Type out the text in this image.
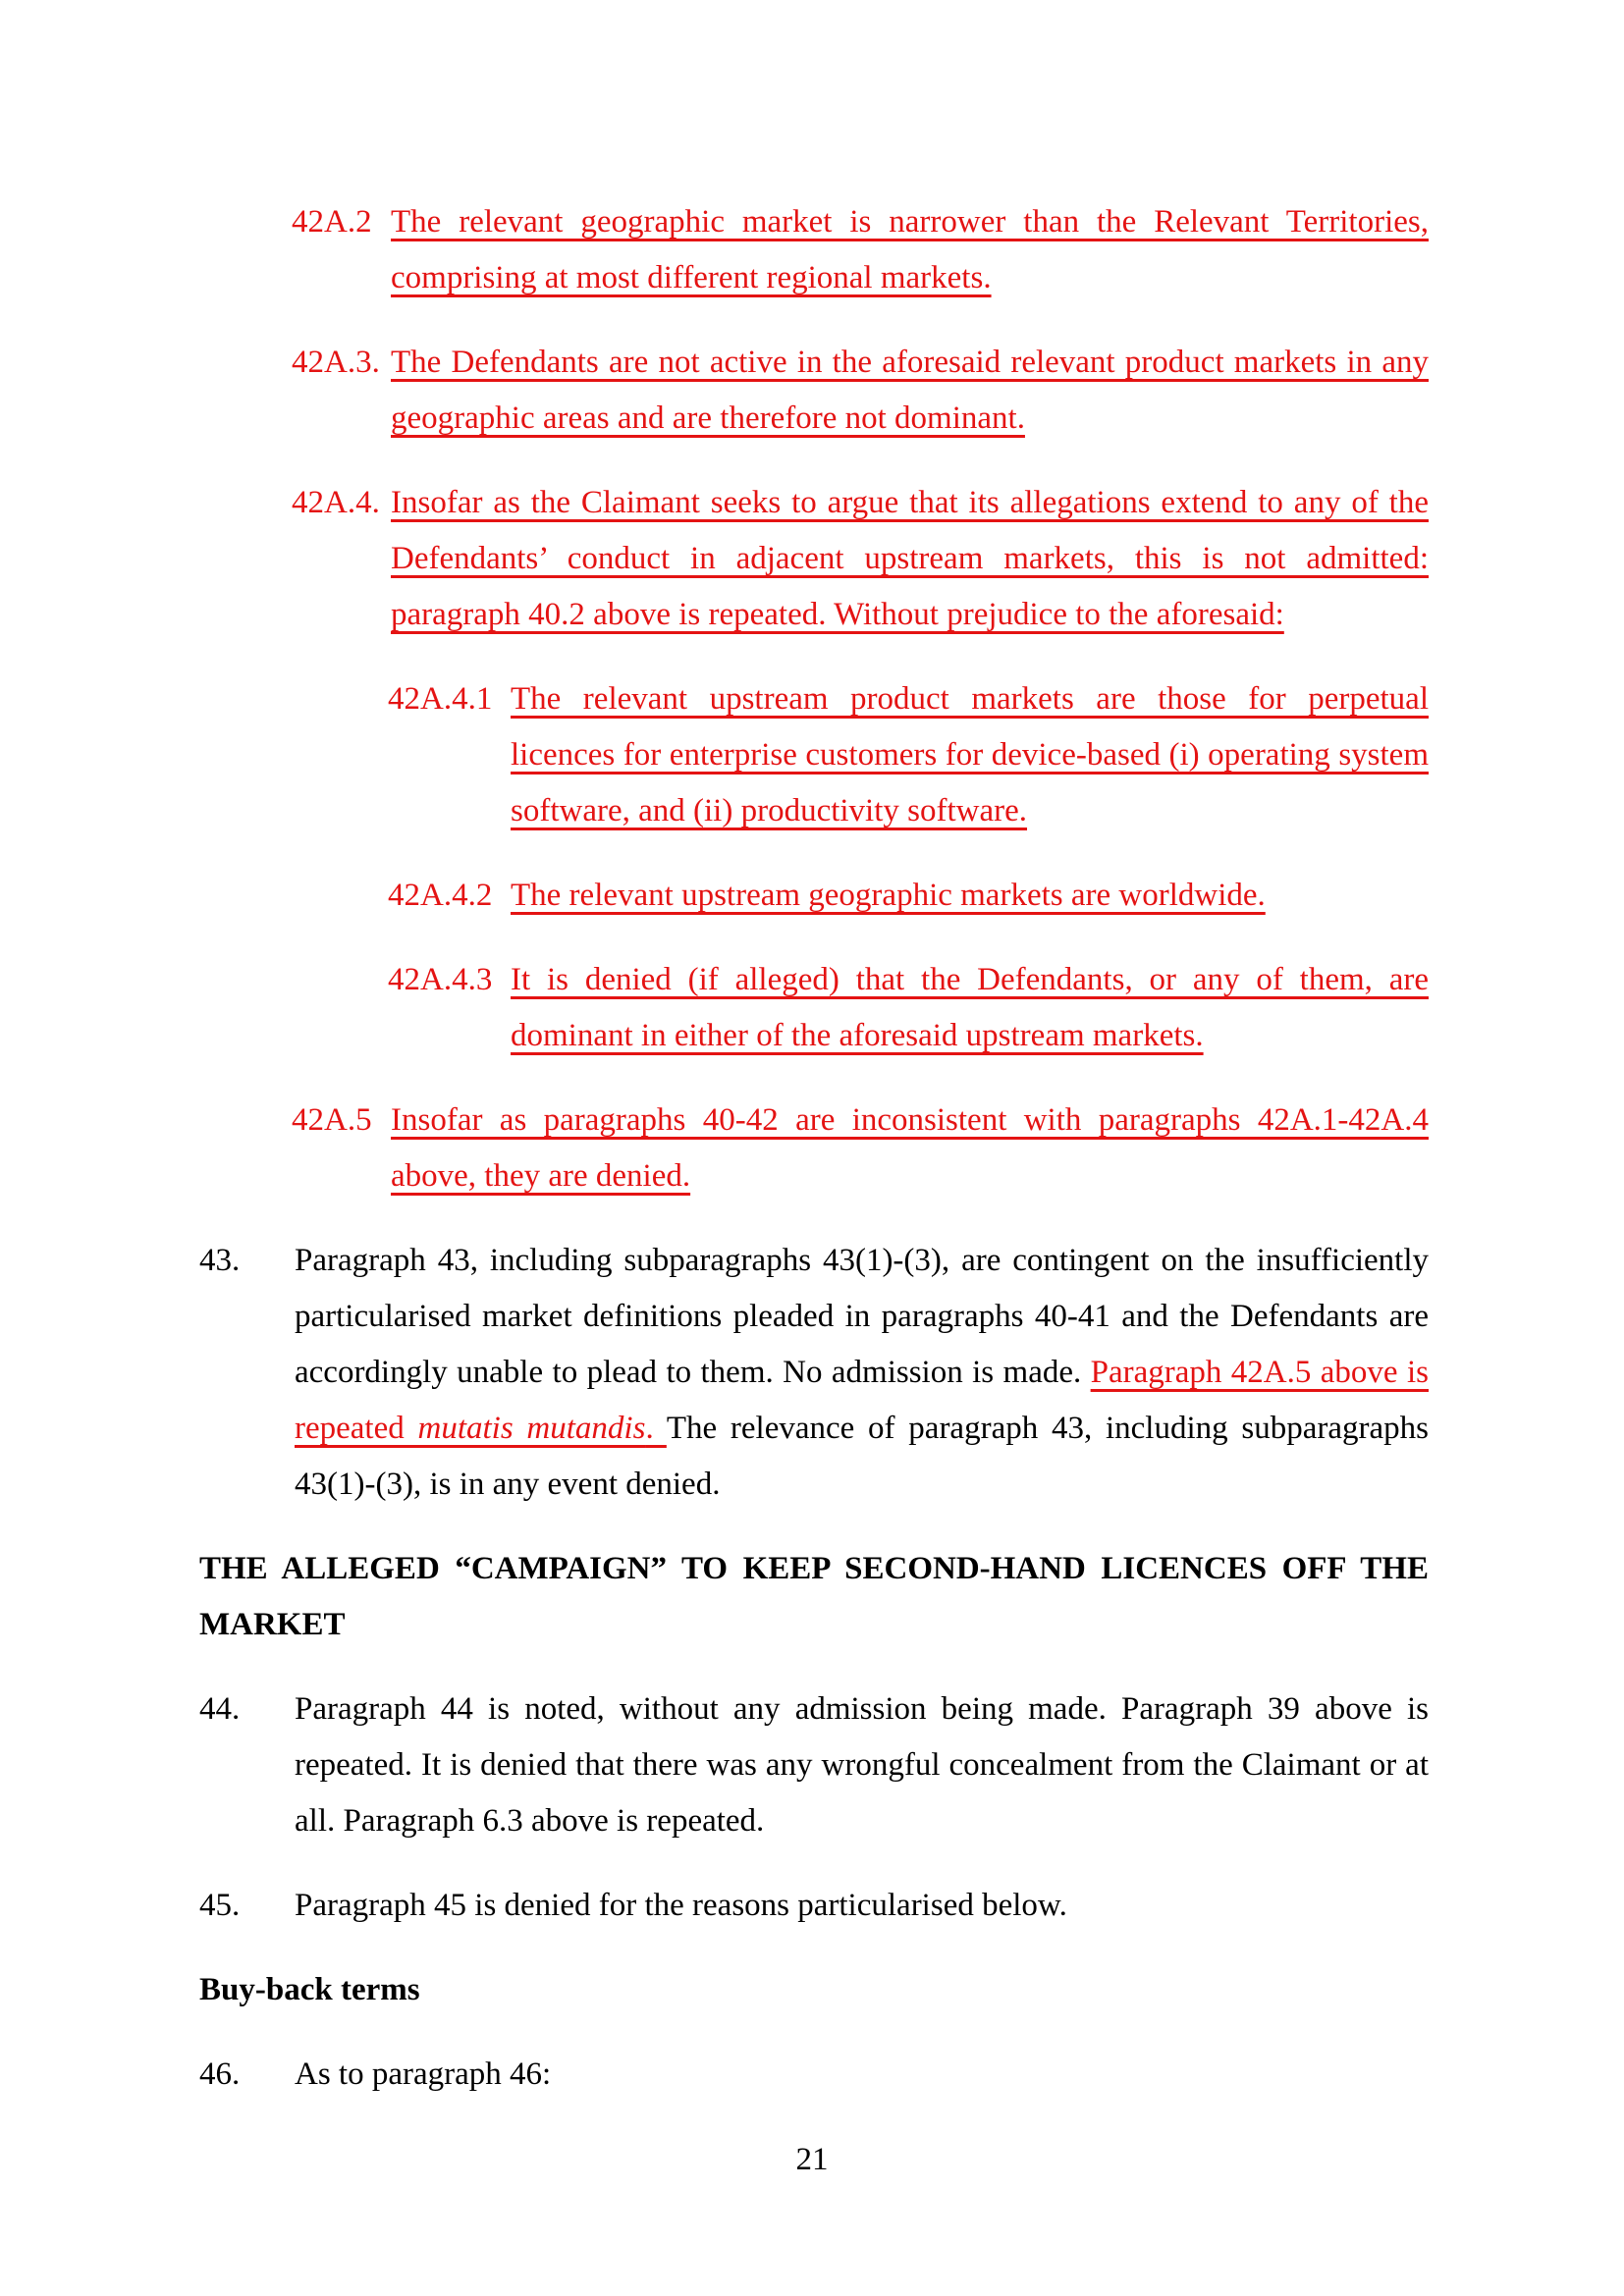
42A.2 The relevant geographic market is narrower than the Relevant Territories, comprising at most different regional markets.
42A.3. The Defendants are not active in the aforesaid relevant product markets in any geographic areas and are therefore not dominant.
42A.4. Insofar as the Claimant seeks to argue that its allegations extend to any of the Defendants’ conduct in adjacent upstream markets, this is not admitted: paragraph 40.2 above is repeated. Without prejudice to the aforesaid:
42A.4.1 The relevant upstream product markets are those for perpetual licences for enterprise customers for device-based (i) operating system software, and (ii) productivity software.
42A.4.2 The relevant upstream geographic markets are worldwide.
42A.4.3 It is denied (if alleged) that the Defendants, or any of them, are dominant in either of the aforesaid upstream markets.
42A.5 Insofar as paragraphs 40-42 are inconsistent with paragraphs 42A.1-42A.4 above, they are denied.
43. Paragraph 43, including subparagraphs 43(1)-(3), are contingent on the insufficiently particularised market definitions pleaded in paragraphs 40-41 and the Defendants are accordingly unable to plead to them. No admission is made. Paragraph 42A.5 above is repeated mutatis mutandis. The relevance of paragraph 43, including subparagraphs 43(1)-(3), is in any event denied.
THE ALLEGED “CAMPAIGN” TO KEEP SECOND-HAND LICENCES OFF THE MARKET
44. Paragraph 44 is noted, without any admission being made. Paragraph 39 above is repeated. It is denied that there was any wrongful concealment from the Claimant or at all. Paragraph 6.3 above is repeated.
45. Paragraph 45 is denied for the reasons particularised below.
Buy-back terms
46. As to paragraph 46:
21
